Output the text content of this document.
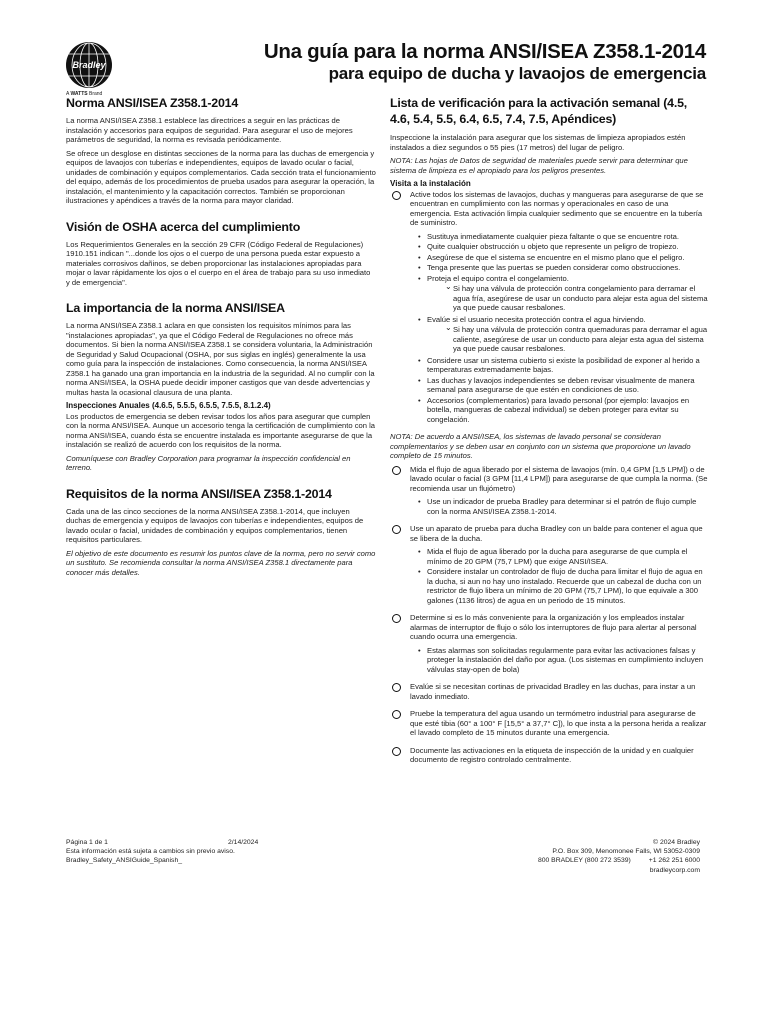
Bradley
A WATTS Brand
Una guía para la norma ANSI/ISEA Z358.1-2014
para equipo de ducha y lavaojos de emergencia
Norma ANSI/ISEA Z358.1-2014

La norma ANSI/ISEA Z358.1 establece las directrices a seguir en las prácticas de instalación y accesorios para equipos de seguridad. Para asegurar el uso de mejores parámetros de seguridad, la norma es revisada periódicamente.

Se ofrece un desglose en distintas secciones de la norma para las duchas de emergencia y equipos de lavaojos con tuberías e independientes, equipos de lavado ocular o facial, unidades de combinación y equipos complementarios. Cada sección trata el funcionamiento del equipo, además de los procedimientos de prueba usados para asegurar la operación, la instalación, el mantenimiento y la capacitación correctos. También se proporcionan ilustraciones y apéndices a través de la norma para mayor claridad.

Visión de OSHA acerca del cumplimiento

Los Requerimientos Generales en la sección 29 CFR (Código Federal de Regulaciones) 1910.151 indican "...donde los ojos o el cuerpo de una persona pueda estar expuesto a materiales corrosivos dañinos, se deben proporcionar las instalaciones apropiadas para mojar o lavar rápidamente los ojos o el cuerpo en el área de trabajo para su uso inmediato y de emergencia".

La importancia de la norma ANSI/ISEA

La norma ANSI/ISEA Z358.1 aclara en que consisten los requisitos mínimos para las "instalaciones apropiadas", ya que el Código Federal de Regulaciones no ofrece más documentos. Si bien la norma ANSI/ISEA Z358.1 se considera voluntaria, la Administración de Seguridad y Salud Ocupacional (OSHA, por sus siglas en inglés) generalmente la usa como guía para la inspección de instalaciones. Como consecuencia, la norma ANSI/ISEA Z358.1 ha ganado una gran importancia en la industria de la seguridad. Al no cumplir con la norma ANSI/ISEA, la OSHA puede decidir imponer castigos que van desde advertencias y multas hasta la ocasional clausura de una planta.

Inspecciones Anuales (4.6.5, 5.5.5, 6.5.5, 7.5.5, 8.1.2.4)

Los productos de emergencia se deben revisar todos los años para asegurar que cumplen con la norma ANSI/ISEA. Aunque un accesorio tenga la certificación de cumplimiento con la norma ANSI/ISEA, cuando ésta se encuentre instalada es importante asegurarse de que la instalación se realizó de acuerdo con los requisitos de la norma.

Comuníquese con Bradley Corporation para programar la inspección confidencial en terreno.

Requisitos de la norma ANSI/ISEA Z358.1-2014

Cada una de las cinco secciones de la norma ANSI/ISEA Z358.1-2014, que incluyen duchas de emergencia y equipos de lavaojos con tuberías e independientes, equipos de lavado ocular o facial, unidades de combinación y equipos complementarios, tienen requisitos particulares.

El objetivo de este documento es resumir los puntos clave de la norma, pero no servir como un sustituto. Se recomienda consultar la norma ANSI/ISEA Z358.1 directamente para conocer más detalles.

Lista de verificación para la activación semanal (4.5, 4.6, 5.4, 5.5, 6.4, 6.5, 7.4, 7.5, Apéndices)

Inspeccione la instalación para asegurar que los sistemas de limpieza apropiados estén instalados a diez segundos o 55 pies (17 metros) del lugar de peligro.

NOTA: Las hojas de Datos de seguridad de materiales puede servir para determinar que sistema de limpieza es el apropiado para los peligros presentes.

Visita a la instalación
Active todos los sistemas de lavaojos, duchas y mangueras para asegurarse de que se encuentran en cumplimiento con las normas y operacionales en caso de una emergencia. Esta activación limpia cualquier sedimento que se encuentre en la tubería de suministro.
• Sustituya inmediatamente cualquier pieza faltante o que se encuentre rota.
• Quite cualquier obstrucción u objeto que represente un peligro de tropiezo.
• Asegúrese de que el sistema se encuentre en el mismo plano que el peligro.
• Tenga presente que las puertas se pueden considerar como obstrucciones.
• Proteja el equipo contra el congelamiento.
⌄ Si hay una válvula de protección contra congelamiento para derramar el agua fría, asegúrese de usar un conducto para alejar esta agua del sistema ya que puede causar resbalones.
• Evalúe si el usuario necesita protección contra el agua hirviendo.
⌄ Si hay una válvula de protección contra quemaduras para derramar el agua caliente, asegúrese de usar un conducto para alejar esta agua del sistema ya que puede causar resbalones.
• Considere usar un sistema cubierto si existe la posibilidad de exponer al herido a temperaturas extremadamente bajas.
• Las duchas y lavaojos independientes se deben revisar visualmente de manera semanal para asegurarse de que estén en condiciones de uso.
• Accesorios (complementarios) para lavado personal (por ejemplo: lavaojos en botella, mangueras de cabezal individual) se deben proteger para evitar su congelación.

NOTA: De acuerdo a ANSI/ISEA, los sistemas de lavado personal se consideran complementarios y se deben usar en conjunto con un sistema que proporcione un lavado completo de 15 minutos.

Mida el flujo de agua liberado por el sistema de lavaojos (mín. 0,4 GPM [1,5 LPM]) o de lavado ocular o facial (3 GPM [11,4 LPM]) para asegurarse de que cumpla la norma. (Se recomienda usar un flujómetro)
• Use un indicador de prueba Bradley para determinar si el patrón de flujo cumple con la norma ANSI/ISEA Z358.1-2014.
Use un aparato de prueba para ducha Bradley con un balde para contener el agua que se libera de la ducha.
• Mida el flujo de agua liberado por la ducha para asegurarse de que cumpla el mínimo de 20 GPM (75,7 LPM) que exige ANSI/ISEA.
• Considere instalar un controlador de flujo de ducha para limitar el flujo de agua en la ducha, si aun no hay uno instalado. Recuerde que un cabezal de ducha con un restrictor de flujo libera un mínimo de 20 GPM (75,7 LPM), lo que equivale a 300 galones (1136 litros) de agua en un periodo de 15 minutos.
Determine si es lo más conveniente para la organización y los empleados instalar alarmas de interruptor de flujo o sólo los interruptores de flujo para alertar al personal cuando ocurra una emergencia.
• Estas alarmas son solicitadas regularmente para evitar las activaciones falsas y proteger la instalación del daño por agua. (Los sistemas en cumplimiento incluyen válvulas stay-open de bola)
Evalúe si se necesitan cortinas de privacidad Bradley en las duchas, para instar a un lavado inmediato.
Pruebe la temperatura del agua usando un termómetro industrial para asegurarse de que esté tibia (60° a 100° F [15,5° a 37,7° C]), lo que insta a la persona herida a realizar el lavado completo de 15 minutos durante una emergencia.
Documente las activaciones en la etiqueta de inspección de la unidad y en cualquier documento de registro controlado centralmente.
Página 1 de 1	2/14/2024
Esta información está sujeta a cambios sin previo aviso.
Bradley_Safety_ANSIGuide_Spanish_
© 2024 Bradley
P.O. Box 309, Menomonee Falls, WI 53052-0309
800 BRADLEY (800 272 3539)	+1 262 251 6000
bradleycorp.com
